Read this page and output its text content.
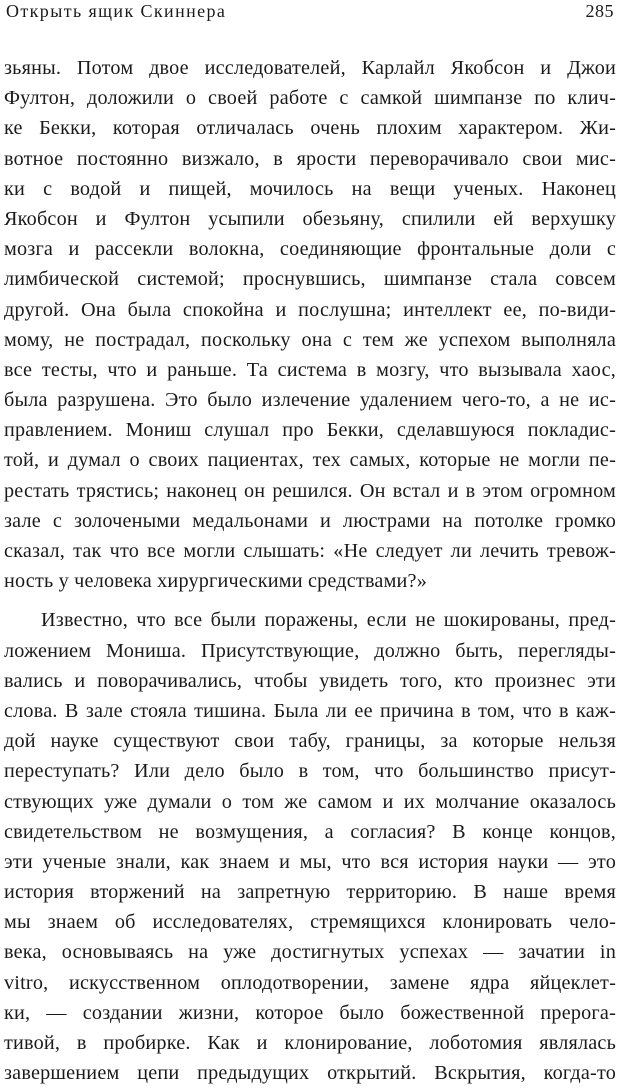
Открыть ящик Скиннера	285
зьяны. Потом двое исследователей, Карлайл Якобсон и Джои
Фултон, доложили о своей работе с самкой шимпанзе по клич-
ке Бекки, которая отличалась очень плохим характером. Жи-
вотное постоянно визжало, в ярости переворачивало свои мис-
ки с водой и пищей, мочилось на вещи ученых. Наконец
Якобсон и Фултон усыпили обезьяну, спилили ей верхушку
мозга и рассекли волокна, соединяющие фронтальные доли с
лимбической системой; проснувшись, шимпанзе стала совсем
другой. Она была спокойна и послушна; интеллект ее, по-види-
мому, не пострадал, поскольку она с тем же успехом выполняла
все тесты, что и раньше. Та система в мозгу, что вызывала хаос,
была разрушена. Это было излечение удалением чего-то, а не ис-
правлением. Мониш слушал про Бекки, сделавшуюся покладис-
той, и думал о своих пациентах, тех самых, которые не могли пе-
рестать трястись; наконец он решился. Он встал и в этом огромном
зале с золочеными медальонами и люстрами на потолке громко
сказал, так что все могли слышать: «Не следует ли лечить тревож-
ность у человека хирургическими средствами?»
Известно, что все были поражены, если не шокированы, пред-
ложением Мониша. Присутствующие, должно быть, перегляды-
вались и поворачивались, чтобы увидеть того, кто произнес эти
слова. В зале стояла тишина. Была ли ее причина в том, что в каж-
дой науке существуют свои табу, границы, за которые нельзя
переступать? Или дело было в том, что большинство присут-
ствующих уже думали о том же самом и их молчание оказалось
свидетельством не возмущения, а согласия? В конце концов,
эти ученые знали, как знаем и мы, что вся история науки — это
история вторжений на запретную территорию. В наше время
мы знаем об исследователях, стремящихся клонировать чело-
века, основываясь на уже достигнутых успехах — зачатии in
vitro, искусственном оплодотворении, замене ядра яйцеклет-
ки, — создании жизни, которое было божественной прерога-
тивой, в пробирке. Как и клонирование, лоботомия являлась
завершением цепи предыдущих открытий. Вскрытия, когда-то
